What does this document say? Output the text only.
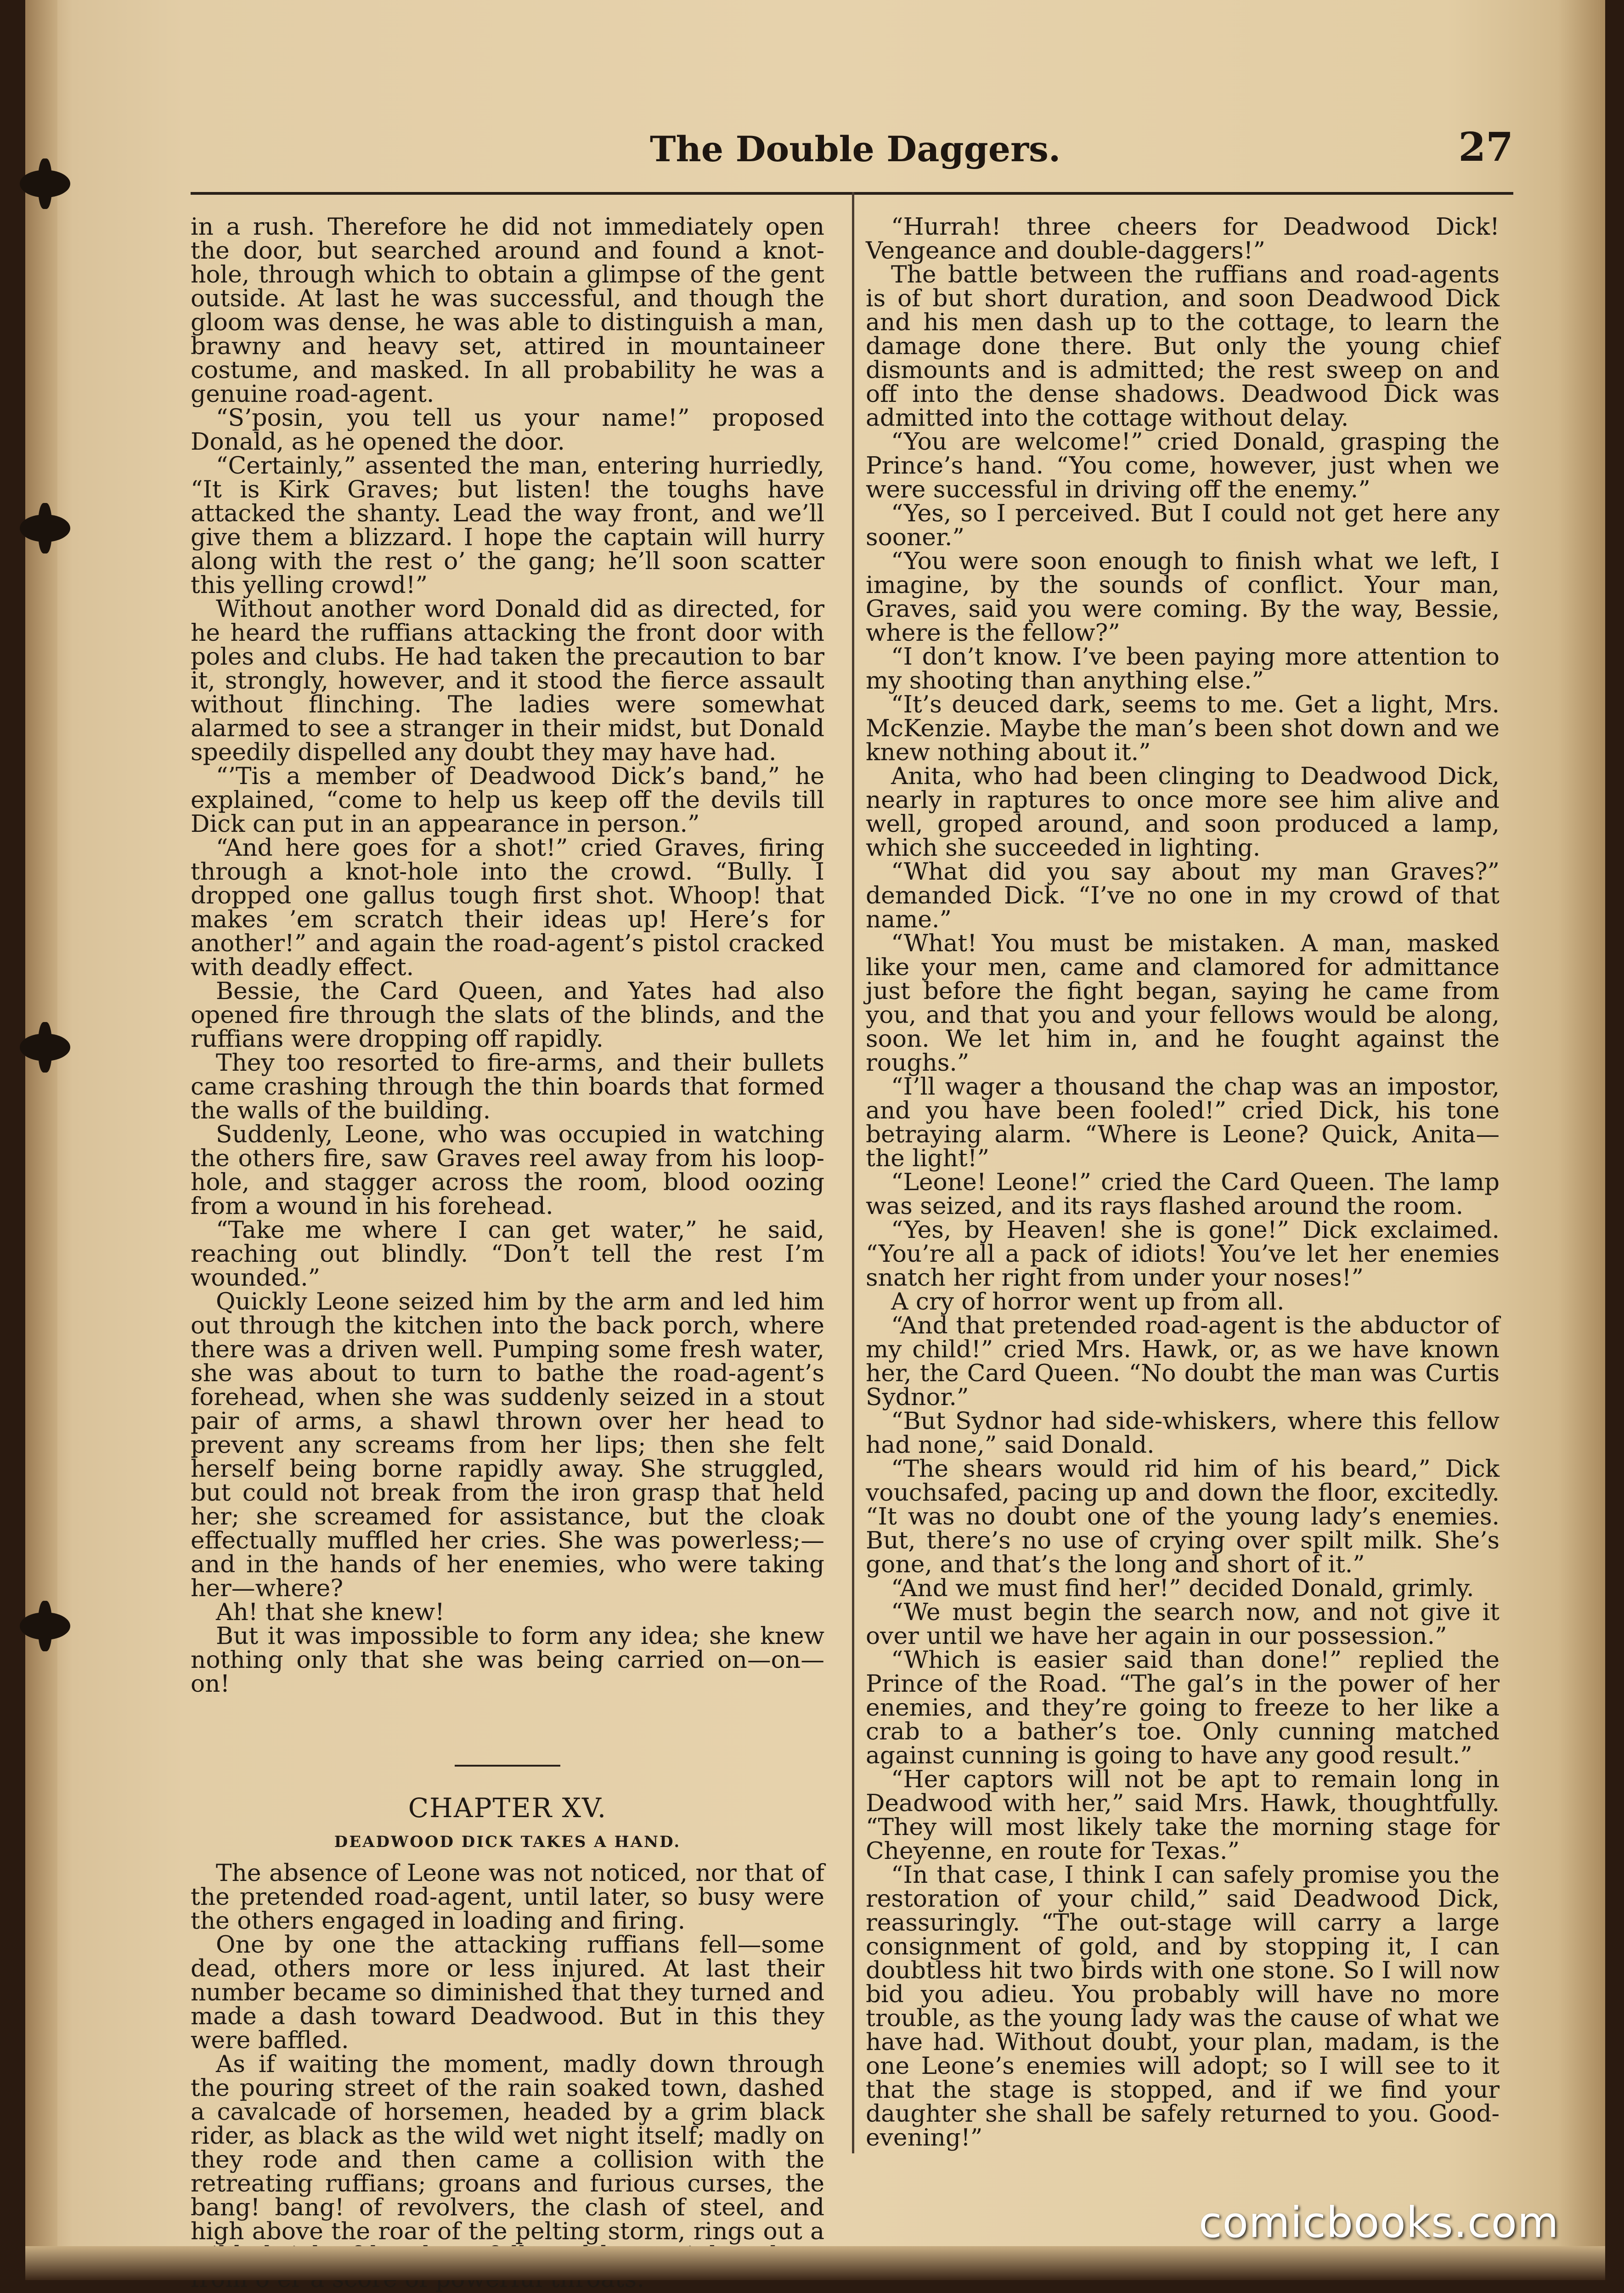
The Double Daggers.	27

in a rush. Therefore he did not immediately open the door, but searched around and found a knot-hole, through which to obtain a glimpse of the gent outside. At last he was successful, and though the gloom was dense, he was able to distinguish a man, brawny and heavy set, attired in mountaineer costume, and masked. In all probability he was a genuine road-agent.

“S’posin, you tell us your name!” proposed Donald, as he opened the door.

“Certainly,” assented the man, entering hurriedly, “It is Kirk Graves; but listen! the toughs have attacked the shanty. Lead the way front, and we’ll give them a blizzard. I hope the captain will hurry along with the rest o’ the gang; he’ll soon scatter this yelling crowd!”

Without another word Donald did as directed, for he heard the ruffians attacking the front door with poles and clubs. He had taken the precaution to bar it, strongly, however, and it stood the fierce assault without flinching. The ladies were somewhat alarmed to see a stranger in their midst, but Donald speedily dispelled any doubt they may have had.

“’Tis a member of Deadwood Dick’s band,” he explained, “come to help us keep off the devils till Dick can put in an appearance in person.”

“And here goes for a shot!” cried Graves, firing through a knot-hole into the crowd. “Bully. I dropped one gallus tough first shot. Whoop! that makes ’em scratch their ideas up! Here’s for another!” and again the road-agent’s pistol cracked with deadly effect.

Bessie, the Card Queen, and Yates had also opened fire through the slats of the blinds, and the ruffians were dropping off rapidly.

They too resorted to fire-arms, and their bullets came crashing through the thin boards that formed the walls of the building.

Suddenly, Leone, who was occupied in watching the others fire, saw Graves reel away from his loop-hole, and stagger across the room, blood oozing from a wound in his forehead.

“Take me where I can get water,” he said, reaching out blindly. “Don’t tell the rest I’m wounded.”

Quickly Leone seized him by the arm and led him out through the kitchen into the back porch, where there was a driven well. Pumping some fresh water, she was about to turn to bathe the road-agent’s forehead, when she was suddenly seized in a stout pair of arms, a shawl thrown over her head to prevent any screams from her lips; then she felt herself being borne rapidly away. She struggled, but could not break from the iron grasp that held her; she screamed for assistance, but the cloak effectually muffled her cries. She was powerless;—and in the hands of her enemies, who were taking her—where?

Ah! that she knew!

But it was impossible to form any idea; she knew nothing only that she was being carried on—on—on!

CHAPTER XV.
DEADWOOD DICK TAKES A HAND.

The absence of Leone was not noticed, nor that of the pretended road-agent, until later, so busy were the others engaged in loading and firing.

One by one the attacking ruffians fell—some dead, others more or less injured. At last their number became so diminished that they turned and made a dash toward Deadwood. But in this they were baffled.

As if waiting the moment, madly down through the pouring street of the rain soaked town, dashed a cavalcade of horsemen, headed by a grim black rider, as black as the wild wet night itself; madly on they rode and then came a collision with the retreating ruffians; groans and furious curses, the bang! bang! of revolvers, the clash of steel, and high above the roar of the pelting storm, rings out a

“Hurrah! three cheers for Deadwood Dick! Vengeance and double-daggers!”

The battle between the ruffians and road-agents is of but short duration, and soon Deadwood Dick and his men dash up to the cottage, to learn the damage done there. But only the young chief dismounts and is admitted; the rest sweep on and off into the dense shadows. Deadwood Dick was admitted into the cottage without delay.

“You are welcome!” cried Donald, grasping the Prince’s hand. “You come, however, just when we were successful in driving off the enemy.”

“Yes, so I perceived. But I could not get here any sooner.”

“You were soon enough to finish what we left, I imagine, by the sounds of conflict. Your man, Graves, said you were coming. By the way, Bessie, where is the fellow?”

“I don’t know. I’ve been paying more attention to my shooting than anything else.”

“It’s deuced dark, seems to me. Get a light, Mrs. McKenzie. Maybe the man’s been shot down and we knew nothing about it.”

Anita, who had been clinging to Deadwood Dick, nearly in raptures to once more see him alive and well, groped around, and soon produced a lamp, which she succeeded in lighting.

“What did you say about my man Graves?” demanded Dick. “I’ve no one in my crowd of that name.”

“What! You must be mistaken. A man, masked like your men, came and clamored for admittance just before the fight began, saying he came from you, and that you and your fellows would be along, soon. We let him in, and he fought against the roughs.”

“I’ll wager a thousand the chap was an impostor, and you have been fooled!” cried Dick, his tone betraying alarm. “Where is Leone? Quick, Anita—the light!”

“Leone! Leone!” cried the Card Queen. The lamp was seized, and its rays flashed around the room.

“Yes, by Heaven! she is gone!” Dick exclaimed. “You’re all a pack of idiots! You’ve let her enemies snatch her right from under your noses!”

A cry of horror went up from all.

“And that pretended road-agent is the abductor of my child!” cried Mrs. Hawk, or, as we have known her, the Card Queen. “No doubt the man was Curtis Sydnor.”

“But Sydnor had side-whiskers, where this fellow had none,” said Donald.

“The shears would rid him of his beard,” Dick vouchsafed, pacing up and down the floor, excitedly. “It was no doubt one of the young lady’s enemies. But, there’s no use of crying over spilt milk. She’s gone, and that’s the long and short of it.”

“And we must find her!” decided Donald, grimly.

“We must begin the search now, and not give it over until we have her again in our possession.”

“Which is easier said than done!” replied the Prince of the Road. “The gal’s in the power of her enemies, and they’re going to freeze to her like a crab to a bather’s toe. Only cunning matched against cunning is going to have any good result.”

“Her captors will not be apt to remain long in Deadwood with her,” said Mrs. Hawk, thoughtfully. “They will most likely take the morning stage for Cheyenne, en route for Texas.”

“In that case, I think I can safely promise you the restoration of your child,” said Deadwood Dick, reassuringly. “The out-stage will carry a large consignment of gold, and by stopping it, I can doubtless hit two birds with one stone. So I will now bid you adieu. You probably will have no more trouble, as the young lady was the cause of what we have had. Without doubt, your plan, madam, is the one Leone’s enemies will adopt; so I will see to it that the stage is stopped, and if we find your daughter she shall be safely returned to you. Good-evening!”

comicbooks.com
